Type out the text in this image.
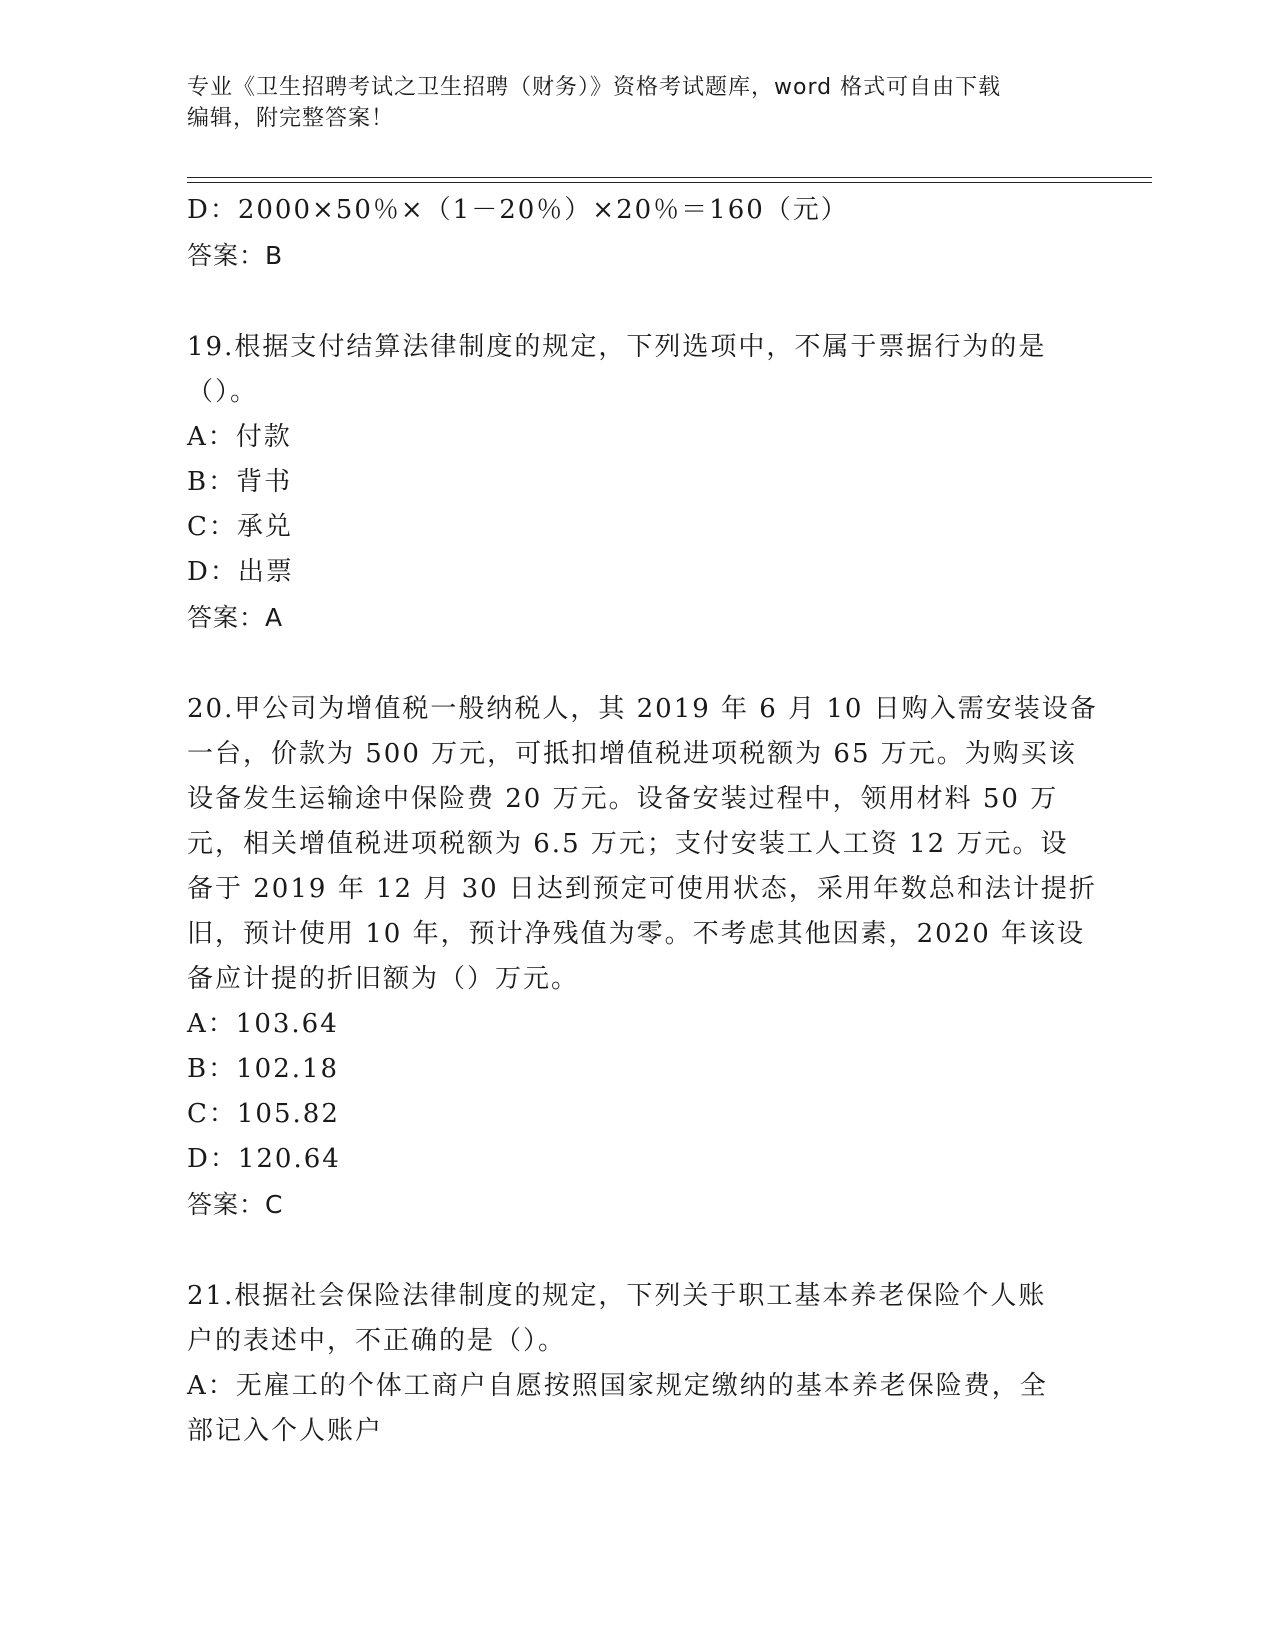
专业《卫生招聘考试之卫生招聘（财务）》资格考试题库，word 格式可自由下载
编辑，附完整答案！
D：2000×50％×（1－20％）×20％＝160（元）
答案：B
19.根据支付结算法律制度的规定，下列选项中，不属于票据行为的是
（）。
A：付款
B：背书
C：承兑
D：出票
答案：A
20.甲公司为增值税一般纳税人，其 2019 年 6 月 10 日购入需安装设备
一台，价款为 500 万元，可抵扣增值税进项税额为 65 万元。为购买该
设备发生运输途中保险费 20 万元。设备安装过程中，领用材料 50 万
元，相关增值税进项税额为 6.5 万元；支付安装工人工资 12 万元。设
备于 2019 年 12 月 30 日达到预定可使用状态，采用年数总和法计提折
旧，预计使用 10 年，预计净残值为零。不考虑其他因素，2020 年该设
备应计提的折旧额为（）万元。
A：103.64
B：102.18
C：105.82
D：120.64
答案：C
21.根据社会保险法律制度的规定，下列关于职工基本养老保险个人账
户的表述中，不正确的是（）。
A：无雇工的个体工商户自愿按照国家规定缴纳的基本养老保险费，全
部记入个人账户
